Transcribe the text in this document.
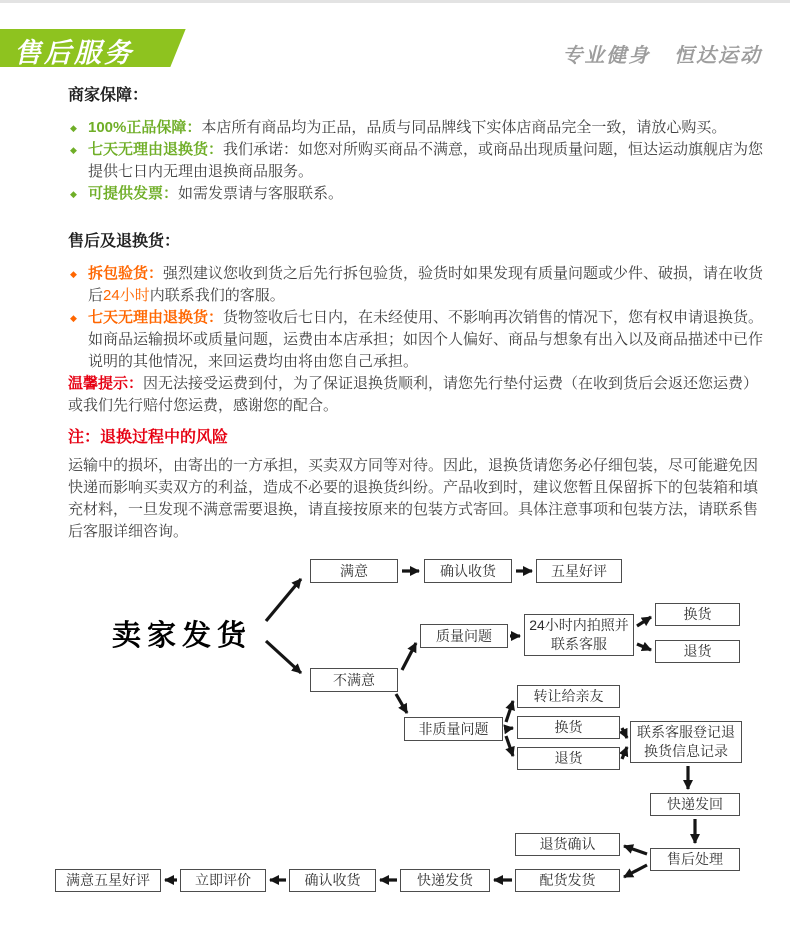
售后服务	专业健身 恒达运动
商家保障：
◆ 100%正品保障：本店所有商品均为正品，品质与同品牌线下实体店商品完全一致，请放心购买。
◆ 七天无理由退换货：我们承诺：如您对所购买商品不满意，或商品出现质量问题，恒达运动旗舰店为您提供七日内无理由退换商品服务。
◆ 可提供发票：如需发票请与客服联系。
售后及退换货：
◆ 拆包验货：强烈建议您收到货之后先行拆包验货，验货时如果发现有质量问题或少件、破损，请在收货后24小时内联系我们的客服。
◆ 七天无理由退换货：货物签收后七日内，在未经使用、不影响再次销售的情况下，您有权申请退换货。如商品运输损坏或质量问题，运费由本店承担；如因个人偏好、商品与想象有出入以及商品描述中已作说明的其他情况，来回运费均由将由您自己承担。
温馨提示：因无法接受运费到付，为了保证退换货顺利，请您先行垫付运费（在收到货后会返还您运费）或我们先行赔付您运费，感谢您的配合。
注：退换过程中的风险

运输中的损坏，由寄出的一方承担，买卖双方同等对待。因此，退换货请您务必仔细包装，尽可能避免因快递而影响买卖双方的利益，造成不必要的退换货纠纷。产品收到时，建议您暂且保留拆下的包装箱和填充材料，一旦发现不满意需要退换，请直接按原来的包装方式寄回。具体注意事项和包装方法，请联系售后客服详细咨询。

卖家发货
满意	确认收货	五星好评
不满意
质量问题
24小时内拍照并联系客服
换货
退货
非质量问题
转让给亲友
换货
退货
联系客服登记退换货信息记录
快递发回
售后处理
退货确认
配货发货
快递发货
确认收货
立即评价
满意五星好评
